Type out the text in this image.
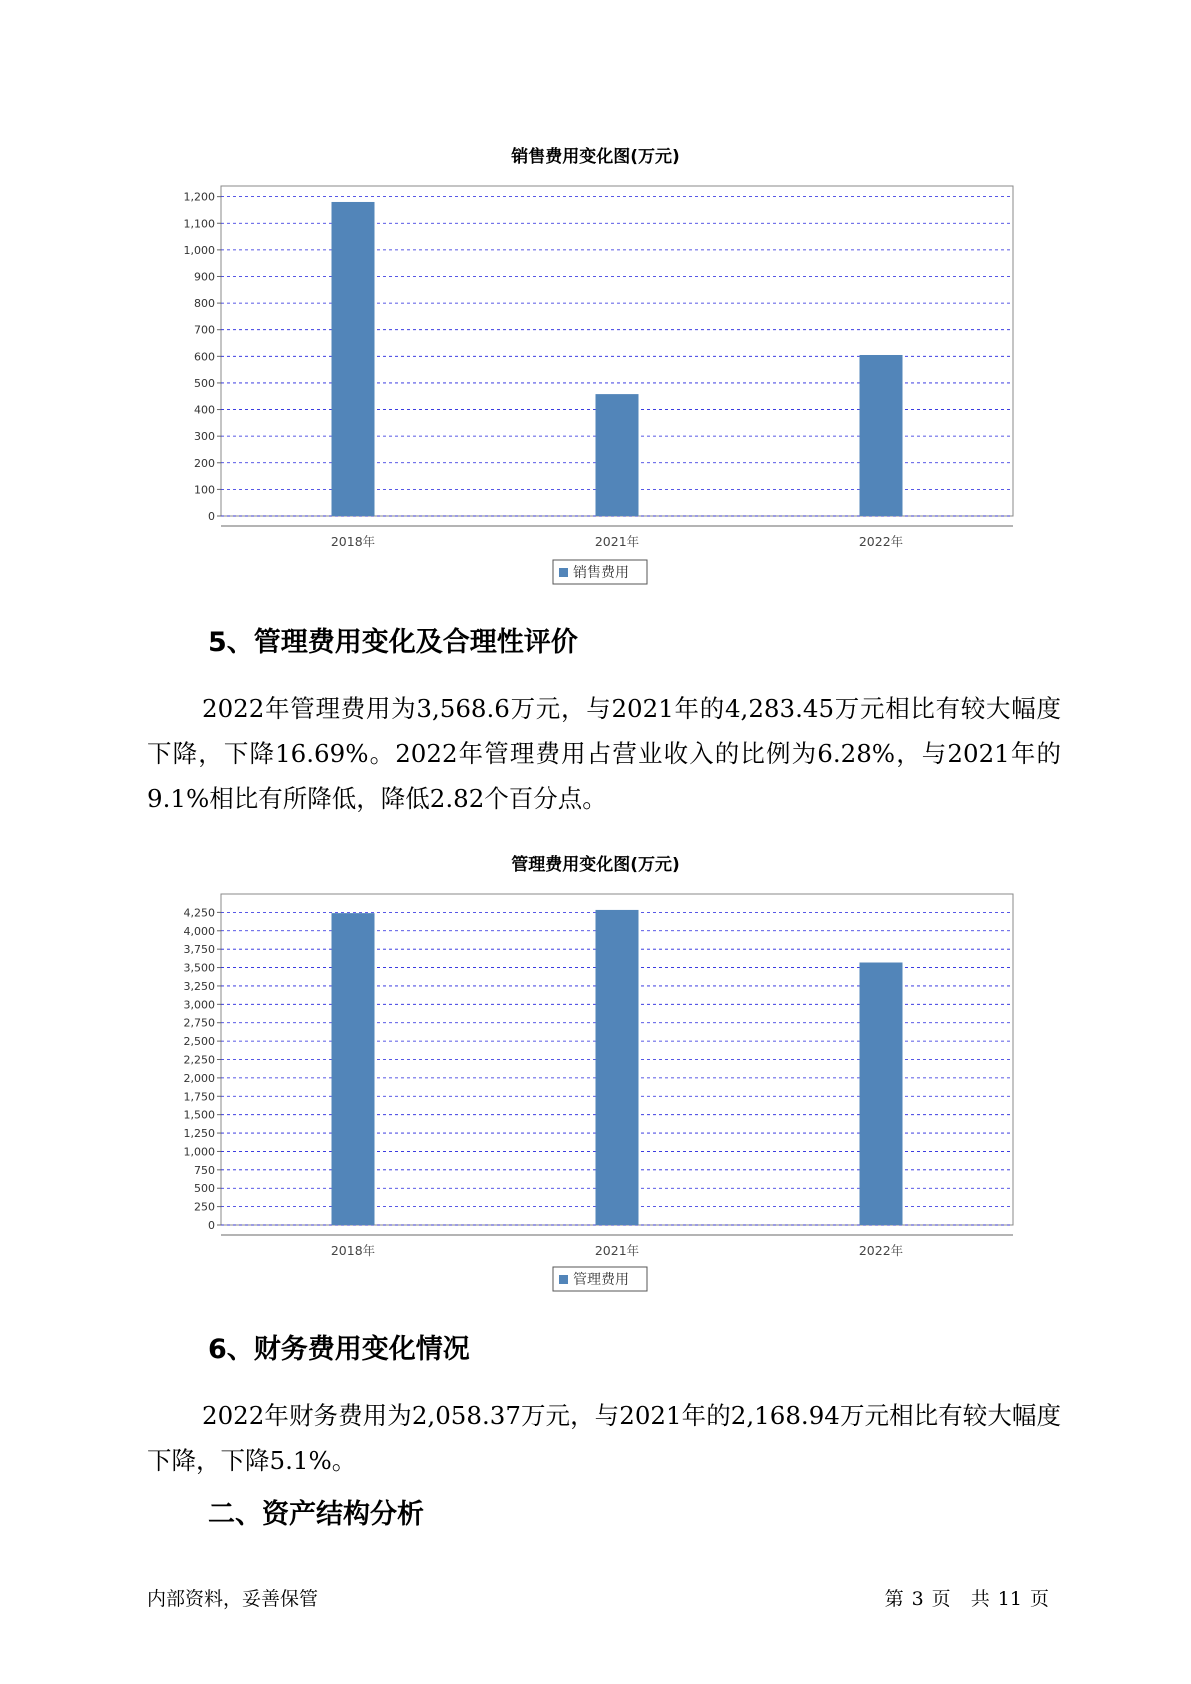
销售费用变化图(万元)
0
100
200
300
400
500
600
700
800
900
1,000
1,100
1,200
2018年	2021年	2022年
销售费用
5、管理费用变化及合理性评价

2022年管理费用为3,568.6万元，与2021年的4,283.45万元相比有较大幅度下降，下降16.69%。2022年管理费用占营业收入的比例为6.28%，与2021年的9.1%相比有所降低，降低2.82个百分点。

管理费用变化图(万元)
0
250
500
750
1,000
1,250
1,500
1,750
2,000
2,250
2,500
2,750
3,000
3,250
3,500
3,750
4,000
4,250
2018年	2021年	2022年
管理费用
6、财务费用变化情况

2022年财务费用为2,058.37万元，与2021年的2,168.94万元相比有较大幅度下降，下降5.1%。

二、资产结构分析
内部资料，妥善保管	第 3 页 共 11 页
